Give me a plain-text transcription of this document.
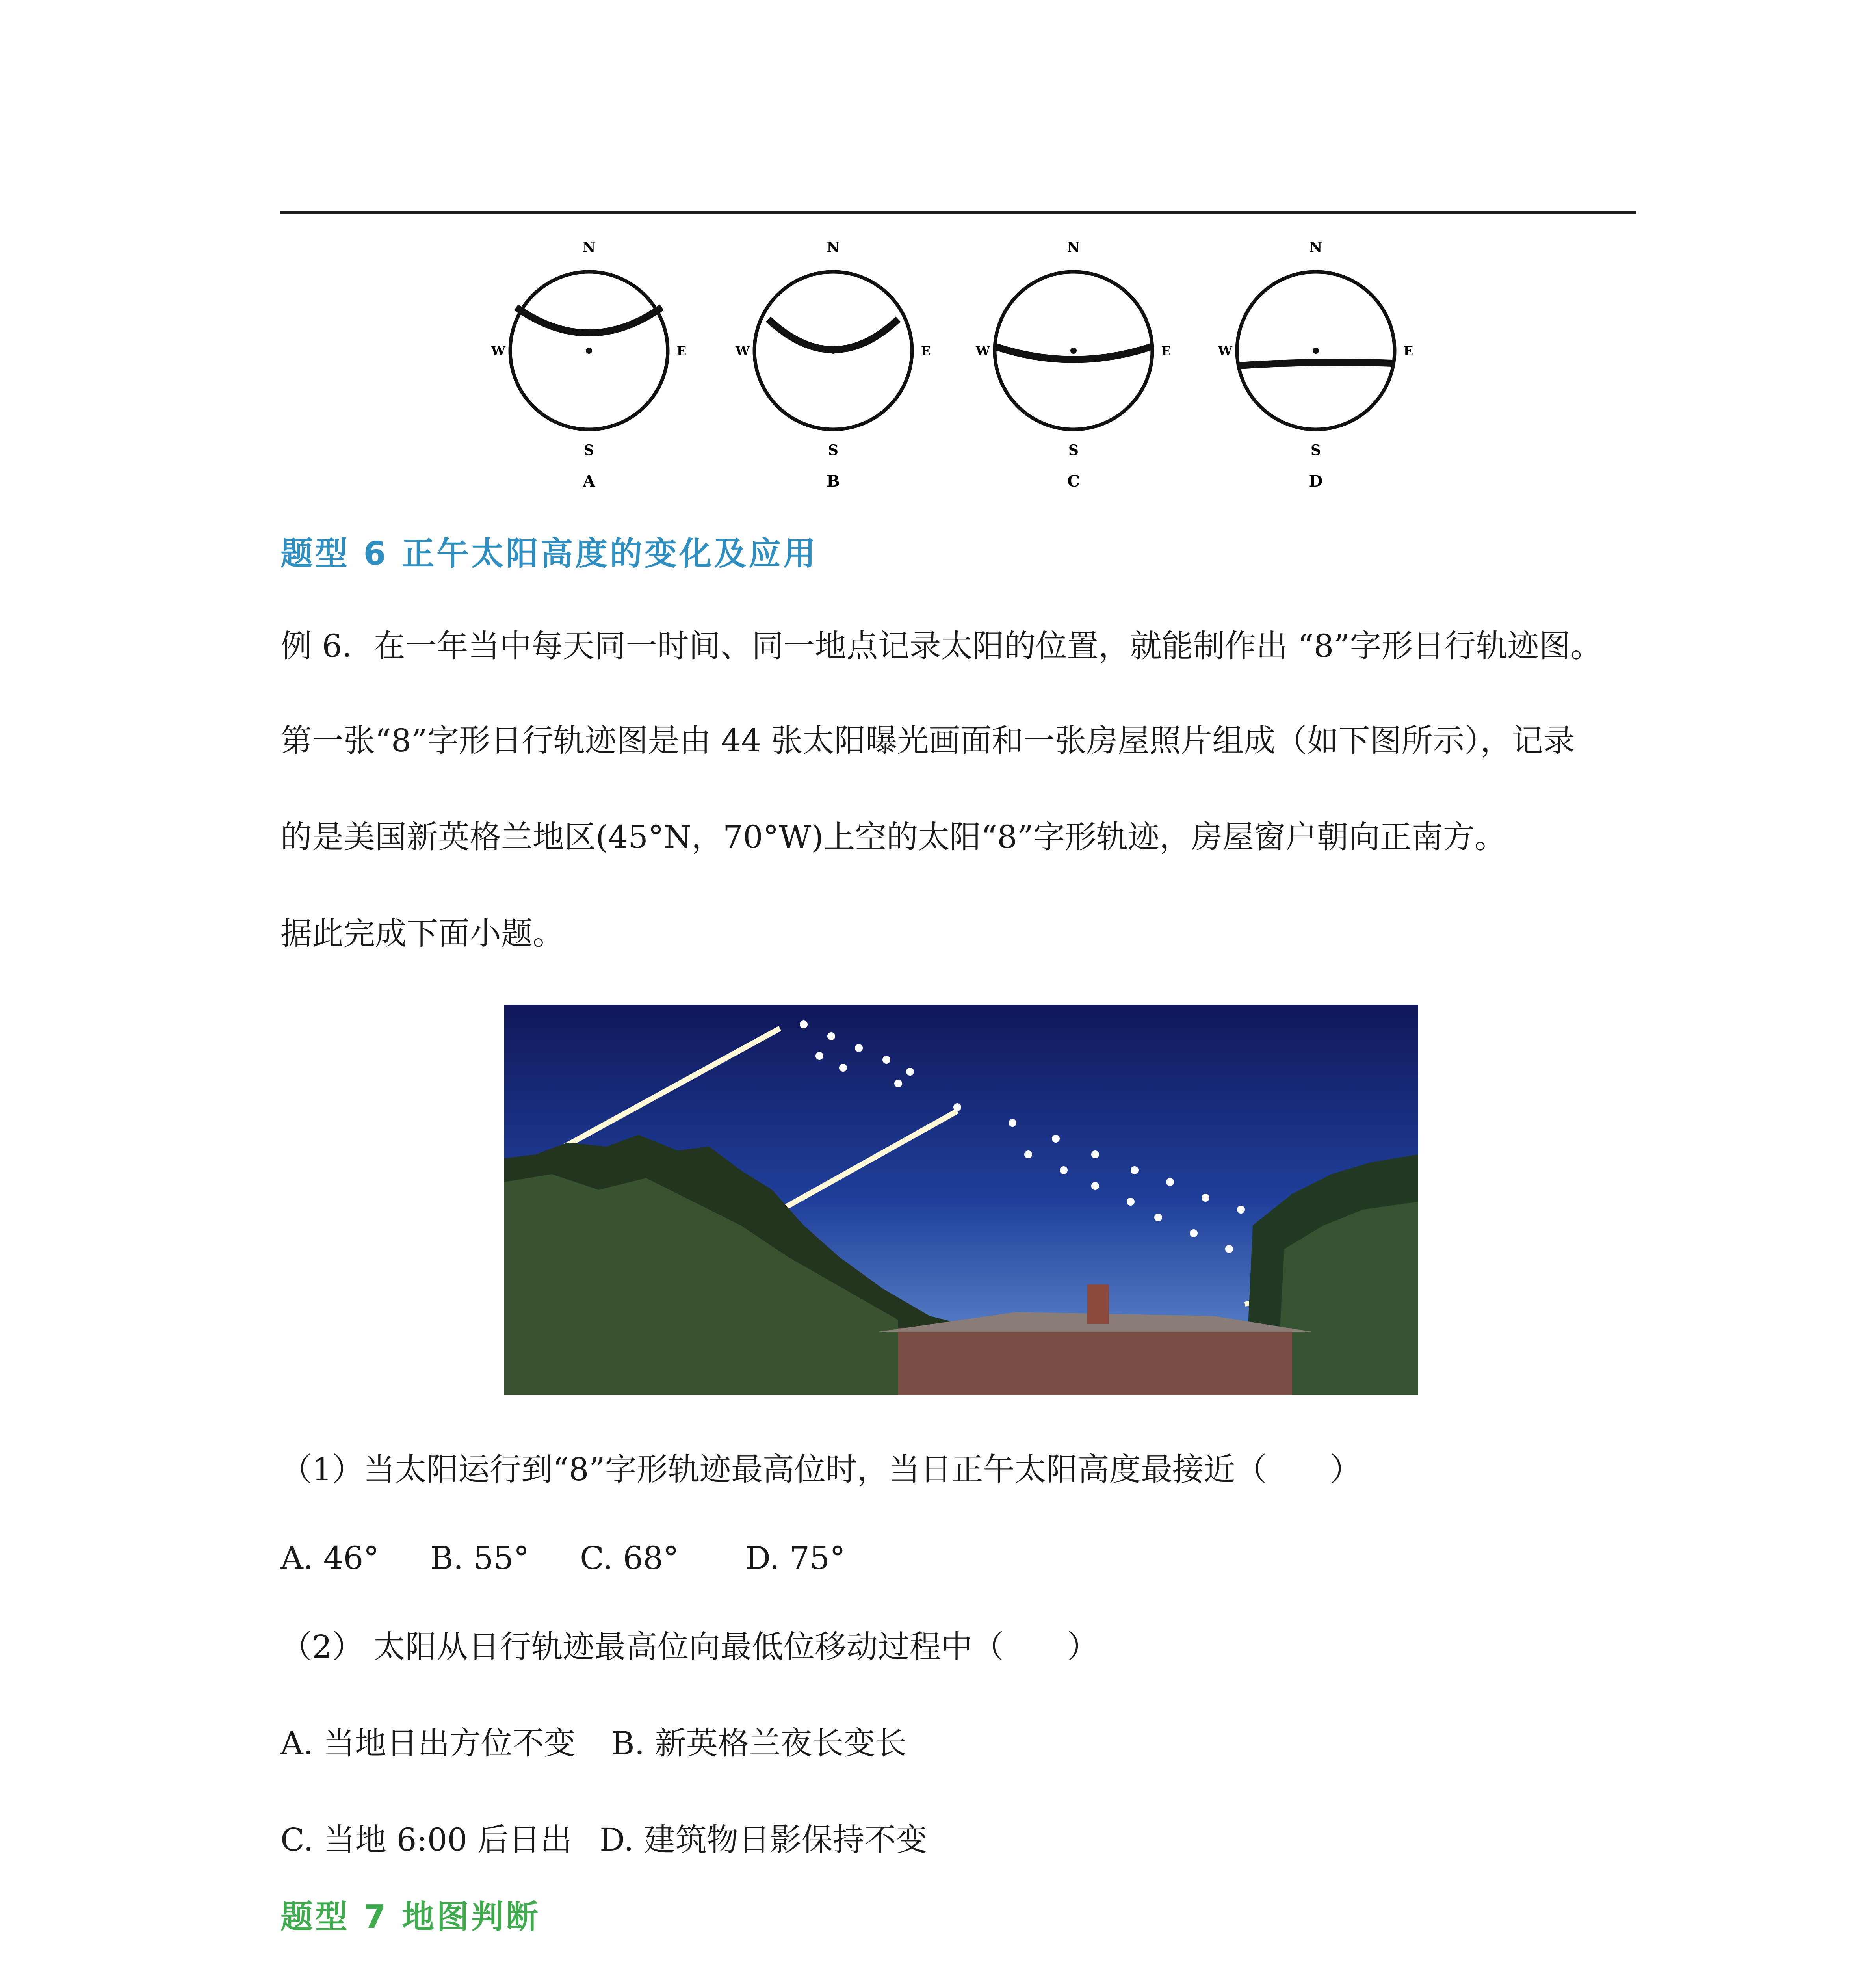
N
S
W	E
A
N
S
W	E
B
N
S
W	E
C
N
S
W	E
D
题型 6 正午太阳高度的变化及应用
例 6．在一年当中每天同一时间、同一地点记录太阳的位置，就能制作出 “8”字形日行轨迹图。
第一张“8”字形日行轨迹图是由 44 张太阳曝光画面和一张房屋照片组成（如下图所示），记录
的是美国新英格兰地区(45°N，70°W)上空的太阳“8”字形轨迹，房屋窗户朝向正南方。
据此完成下面小题。
（1）当太阳运行到“8”字形轨迹最高位时，当日正午太阳高度最接近（　　）
A. 46° B. 55° C. 68° D. 75°
（2） 太阳从日行轨迹最高位向最低位移动过程中（　　）
A. 当地日出方位不变 B. 新英格兰夜长变长
C. 当地 6:00 后日出 D. 建筑物日影保持不变
题型 7 地图判断
